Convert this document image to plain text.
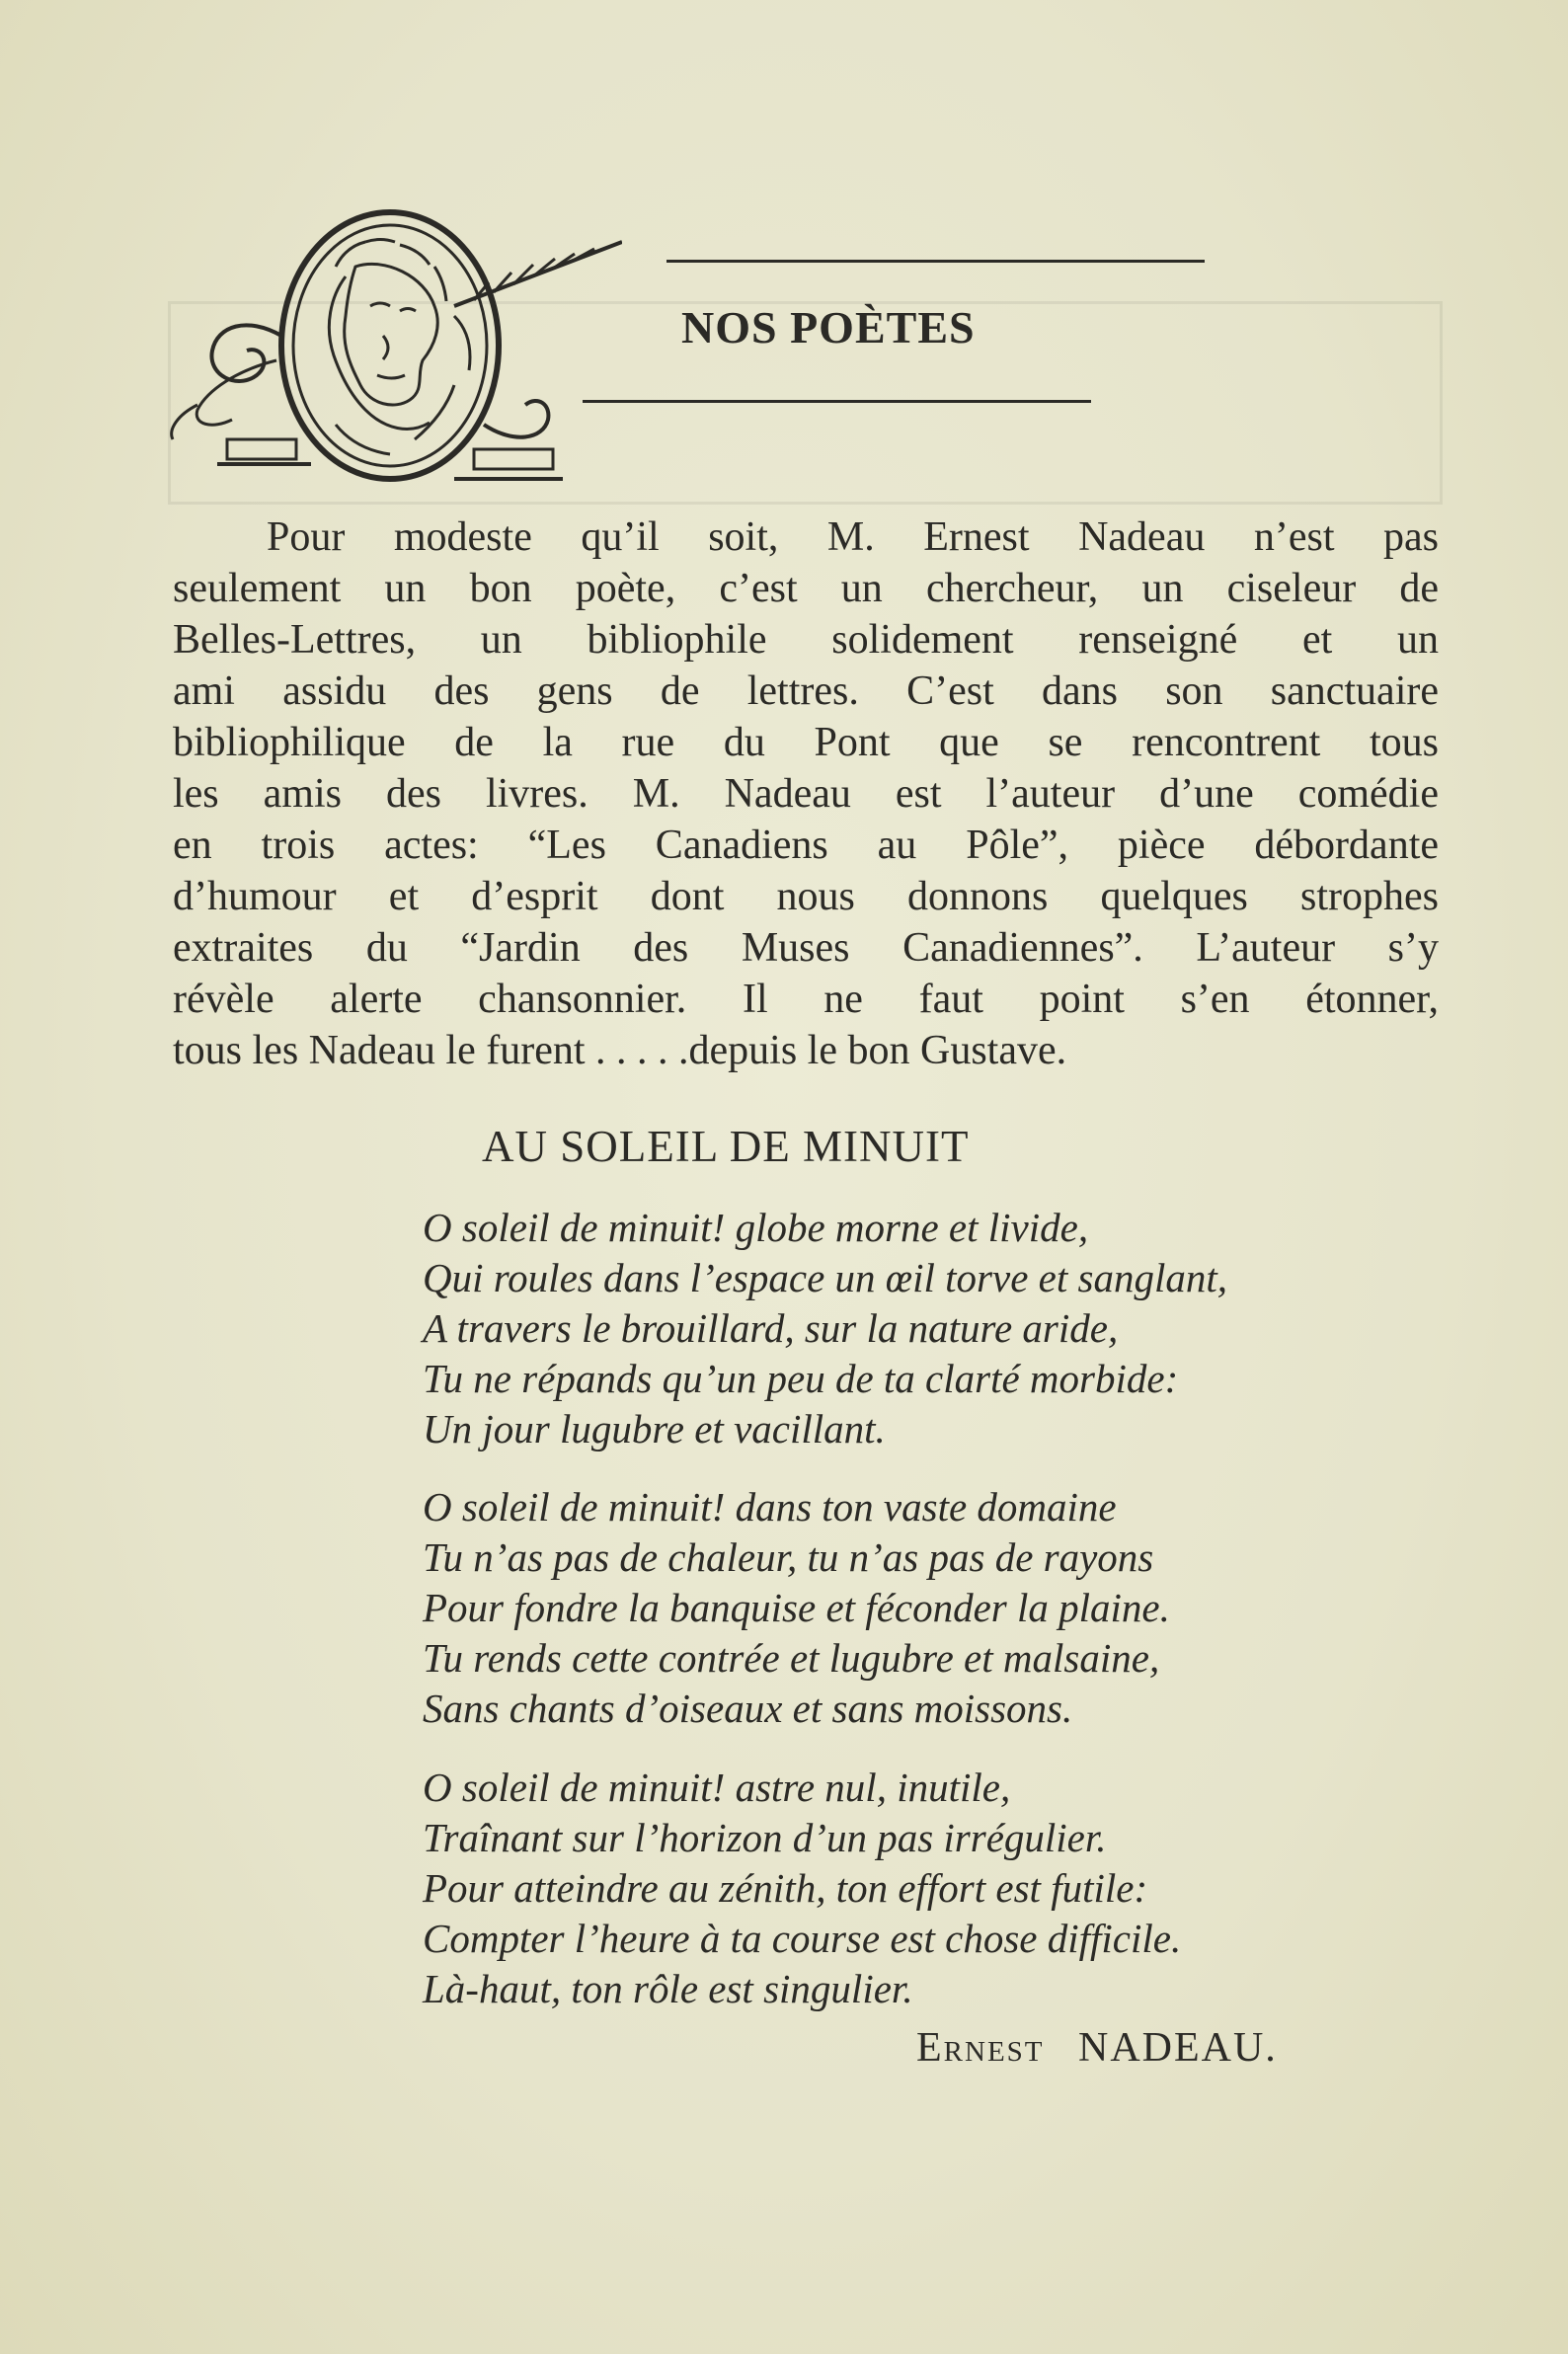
NOS POÈTES
Pour modeste qu’il soit, M. Ernest Nadeau n’est pas
seulement un bon poète, c’est un chercheur, un ciseleur de
Belles-Lettres, un bibliophile solidement renseigné et un
ami assidu des gens de lettres. C’est dans son sanctuaire
bibliophilique de la rue du Pont que se rencontrent tous
les amis des livres. M. Nadeau est l’auteur d’une comédie
en trois actes: “Les Canadiens au Pôle”, pièce débordante
d’humour et d’esprit dont nous donnons quelques strophes
extraites du “Jardin des Muses Canadiennes”. L’auteur s’y
révèle alerte chansonnier. Il ne faut point s’en étonner,
tous les Nadeau le furent . . . . .depuis le bon Gustave.
AU SOLEIL DE MINUIT
O soleil de minuit! globe morne et livide,
Qui roules dans l’espace un œil torve et sanglant,
A travers le brouillard, sur la nature aride,
Tu ne répands qu’un peu de ta clarté morbide:
Un jour lugubre et vacillant.
O soleil de minuit! dans ton vaste domaine
Tu n’as pas de chaleur, tu n’as pas de rayons
Pour fondre la banquise et féconder la plaine.
Tu rends cette contrée et lugubre et malsaine,
Sans chants d’oiseaux et sans moissons.
O soleil de minuit! astre nul, inutile,
Traînant sur l’horizon d’un pas irrégulier.
Pour atteindre au zénith, ton effort est futile:
Compter l’heure à ta course est chose difficile.
Là-haut, ton rôle est singulier.
Ernest NADEAU.
